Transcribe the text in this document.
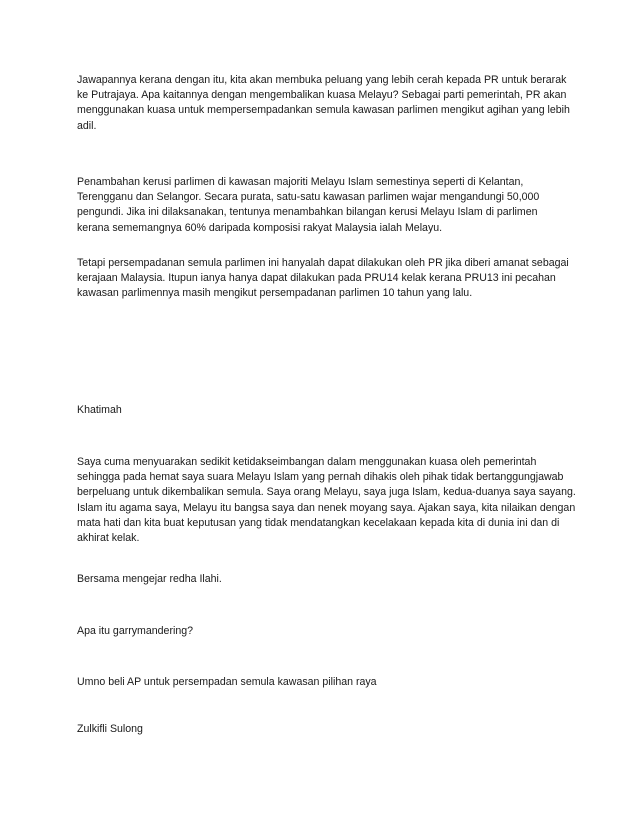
Jawapannya kerana dengan itu, kita akan membuka peluang yang lebih cerah kepada PR untuk berarak
ke Putrajaya. Apa kaitannya dengan mengembalikan kuasa Melayu? Sebagai parti pemerintah, PR akan
menggunakan kuasa untuk mempersempadankan semula kawasan parlimen mengikut agihan yang lebih
adil.
Penambahan kerusi parlimen di kawasan majoriti Melayu Islam semestinya seperti di Kelantan,
Terengganu dan Selangor. Secara purata, satu-satu kawasan parlimen wajar mengandungi 50,000
pengundi. Jika ini dilaksanakan, tentunya menambahkan bilangan kerusi Melayu Islam di parlimen
kerana sememangnya 60% daripada komposisi rakyat Malaysia ialah Melayu.
Tetapi persempadanan semula parlimen ini hanyalah dapat dilakukan oleh PR jika diberi amanat sebagai
kerajaan Malaysia. Itupun ianya hanya dapat dilakukan pada PRU14 kelak kerana PRU13 ini pecahan
kawasan parlimennya masih mengikut persempadanan parlimen 10 tahun yang lalu.
Khatimah
Saya cuma menyuarakan sedikit ketidakseimbangan dalam menggunakan kuasa oleh pemerintah
sehingga pada hemat saya suara Melayu Islam yang pernah dihakis oleh pihak tidak bertanggungjawab
berpeluang untuk dikembalikan semula. Saya orang Melayu, saya juga Islam, kedua-duanya saya sayang.
Islam itu agama saya, Melayu itu bangsa saya dan nenek moyang saya. Ajakan saya, kita nilaikan dengan
mata hati dan kita buat keputusan yang tidak mendatangkan kecelakaan kepada kita di dunia ini dan di
akhirat kelak.
Bersama mengejar redha Ilahi.
Apa itu garrymandering?
Umno beli AP untuk persempadan semula kawasan pilihan raya
Zulkifli Sulong
